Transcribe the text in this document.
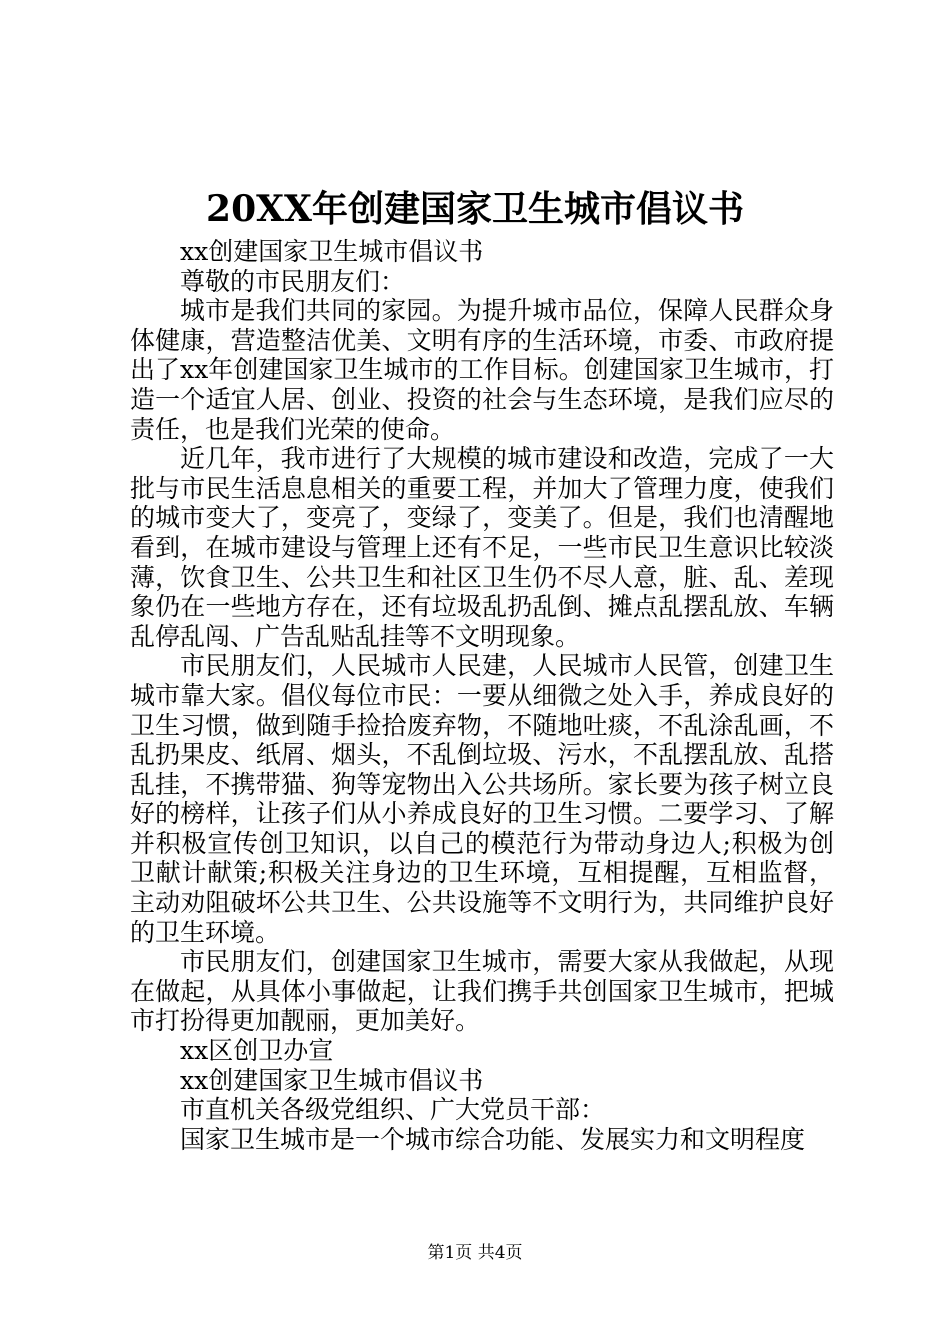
20XX年创建国家卫生城市倡议书

xx创建国家卫生城市倡议书

尊敬的市民朋友们：

城市是我们共同的家园。为提升城市品位，保障人民群众身体健康，营造整洁优美、文明有序的生活环境，市委、市政府提出了xx年创建国家卫生城市的工作目标。创建国家卫生城市，打造一个适宜人居、创业、投资的社会与生态环境，是我们应尽的责任，也是我们光荣的使命。

近几年，我市进行了大规模的城市建设和改造，完成了一大批与市民生活息息相关的重要工程，并加大了管理力度，使我们的城市变大了，变亮了，变绿了，变美了。但是，我们也清醒地看到，在城市建设与管理上还有不足，一些市民卫生意识比较淡薄，饮食卫生、公共卫生和社区卫生仍不尽人意，脏、乱、差现象仍在一些地方存在，还有垃圾乱扔乱倒、摊点乱摆乱放、车辆乱停乱闯、广告乱贴乱挂等不文明现象。

市民朋友们，人民城市人民建，人民城市人民管，创建卫生城市靠大家。倡仪每位市民：一要从细微之处入手，养成良好的卫生习惯，做到随手捡拾废弃物，不随地吐痰，不乱涂乱画，不乱扔果皮、纸屑、烟头，不乱倒垃圾、污水，不乱摆乱放、乱搭乱挂，不携带猫、狗等宠物出入公共场所。家长要为孩子树立良好的榜样，让孩子们从小养成良好的卫生习惯。二要学习、了解并积极宣传创卫知识，以自己的模范行为带动身边人;积极为创卫献计献策;积极关注身边的卫生环境，互相提醒，互相监督，主动劝阻破坏公共卫生、公共设施等不文明行为，共同维护良好的卫生环境。

市民朋友们，创建国家卫生城市，需要大家从我做起，从现在做起，从具体小事做起，让我们携手共创国家卫生城市，把城市打扮得更加靓丽，更加美好。

xx区创卫办宣

xx创建国家卫生城市倡议书

市直机关各级党组织、广大党员干部：

国家卫生城市是一个城市综合功能、发展实力和文明程度

第1页 共4页
